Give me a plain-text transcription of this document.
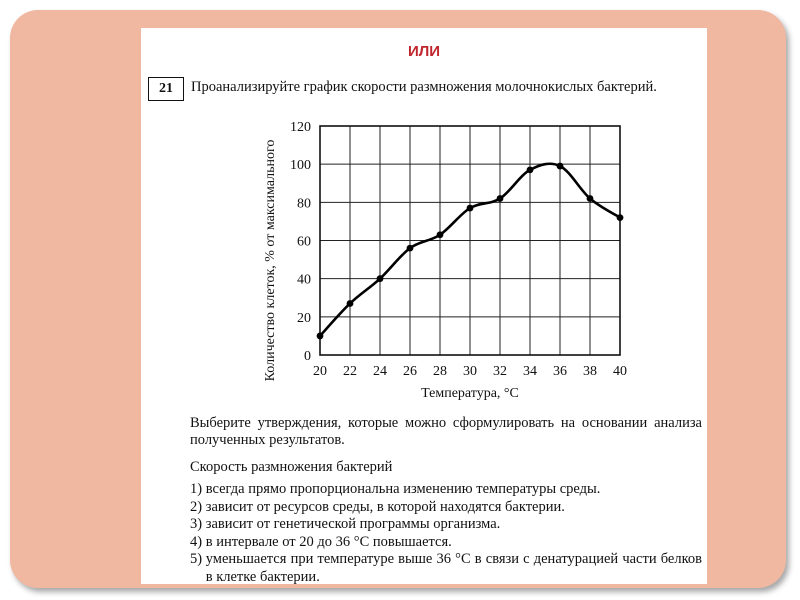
ИЛИ
21	Проанализируйте график скорости размножения молочнокислых бактерий.
20 22 24 26 28 30 32 34 36 38 40
0
20
40
60
80
100
120
Температура, °С
Количество клеток, % от максимального
Выберите утверждения, которые можно сформулировать на основании анализа полученных результатов.
Скорость размножения бактерий
1) всегда прямо пропорциональна изменению температуры среды.
2) зависит от ресурсов среды, в которой находятся бактерии.
3) зависит от генетической программы организма.
4) в интервале от 20 до 36 °С повышается.
5) уменьшается при температуре выше 36 °С в связи с денатурацией части белков в клетке бактерии.
